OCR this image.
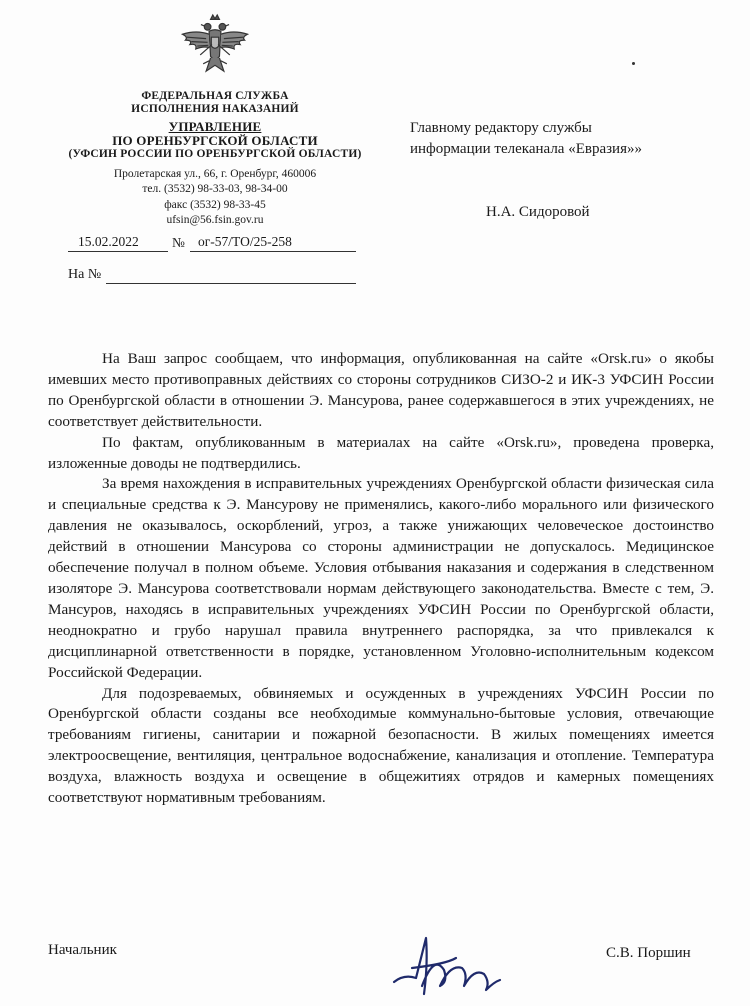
ФЕДЕРАЛЬНАЯ СЛУЖБА
ИСПОЛНЕНИЯ НАКАЗАНИЙ
УПРАВЛЕНИЕ
ПО ОРЕНБУРГСКОЙ ОБЛАСТИ
(УФСИН РОССИИ ПО ОРЕНБУРГСКОЙ ОБЛАСТИ)
Пролетарская ул., 66, г. Оренбург, 460006
тел. (3532) 98-33-03, 98-34-00
факс (3532) 98-33-45
ufsin@56.fsin.gov.ru
15.02.2022 № ог-57/ТО/25-258
На №
Главному редактору службы
информации телеканала «Евразия»»
Н.А. Сидоровой

На Ваш запрос сообщаем, что информация, опубликованная на сайте «Orsk.ru» о якобы имевших место противоправных действиях со стороны сотрудников СИЗО-2 и ИК-3 УФСИН России по Оренбургской области в отношении Э. Мансурова, ранее содержавшегося в этих учреждениях, не соответствует действительности.

По фактам, опубликованным в материалах на сайте «Orsk.ru», проведена проверка, изложенные доводы не подтвердились.

За время нахождения в исправительных учреждениях Оренбургской области физическая сила и специальные средства к Э. Мансурову не применялись, какого-либо морального или физического давления не оказывалось, оскорблений, угроз, а также унижающих человеческое достоинство действий в отношении Мансурова со стороны администрации не допускалось. Медицинское обеспечение получал в полном объеме. Условия отбывания наказания и содержания в следственном изоляторе Э. Мансурова соответствовали нормам действующего законодательства. Вместе с тем, Э. Мансуров, находясь в исправительных учреждениях УФСИН России по Оренбургской области, неоднократно и грубо нарушал правила внутреннего распорядка, за что привлекался к дисциплинарной ответственности в порядке, установленном Уголовно-исполнительным кодексом Российской Федерации.

Для подозреваемых, обвиняемых и осужденных в учреждениях УФСИН России по Оренбургской области созданы все необходимые коммунально-бытовые условия, отвечающие требованиям гигиены, санитарии и пожарной безопасности. В жилых помещениях имеется электроосвещение, вентиляция, центральное водоснабжение, канализация и отопление. Температура воздуха, влажность воздуха и освещение в общежитиях отрядов и камерных помещениях соответствуют нормативным требованиям.

Начальник	С.В. Поршин
